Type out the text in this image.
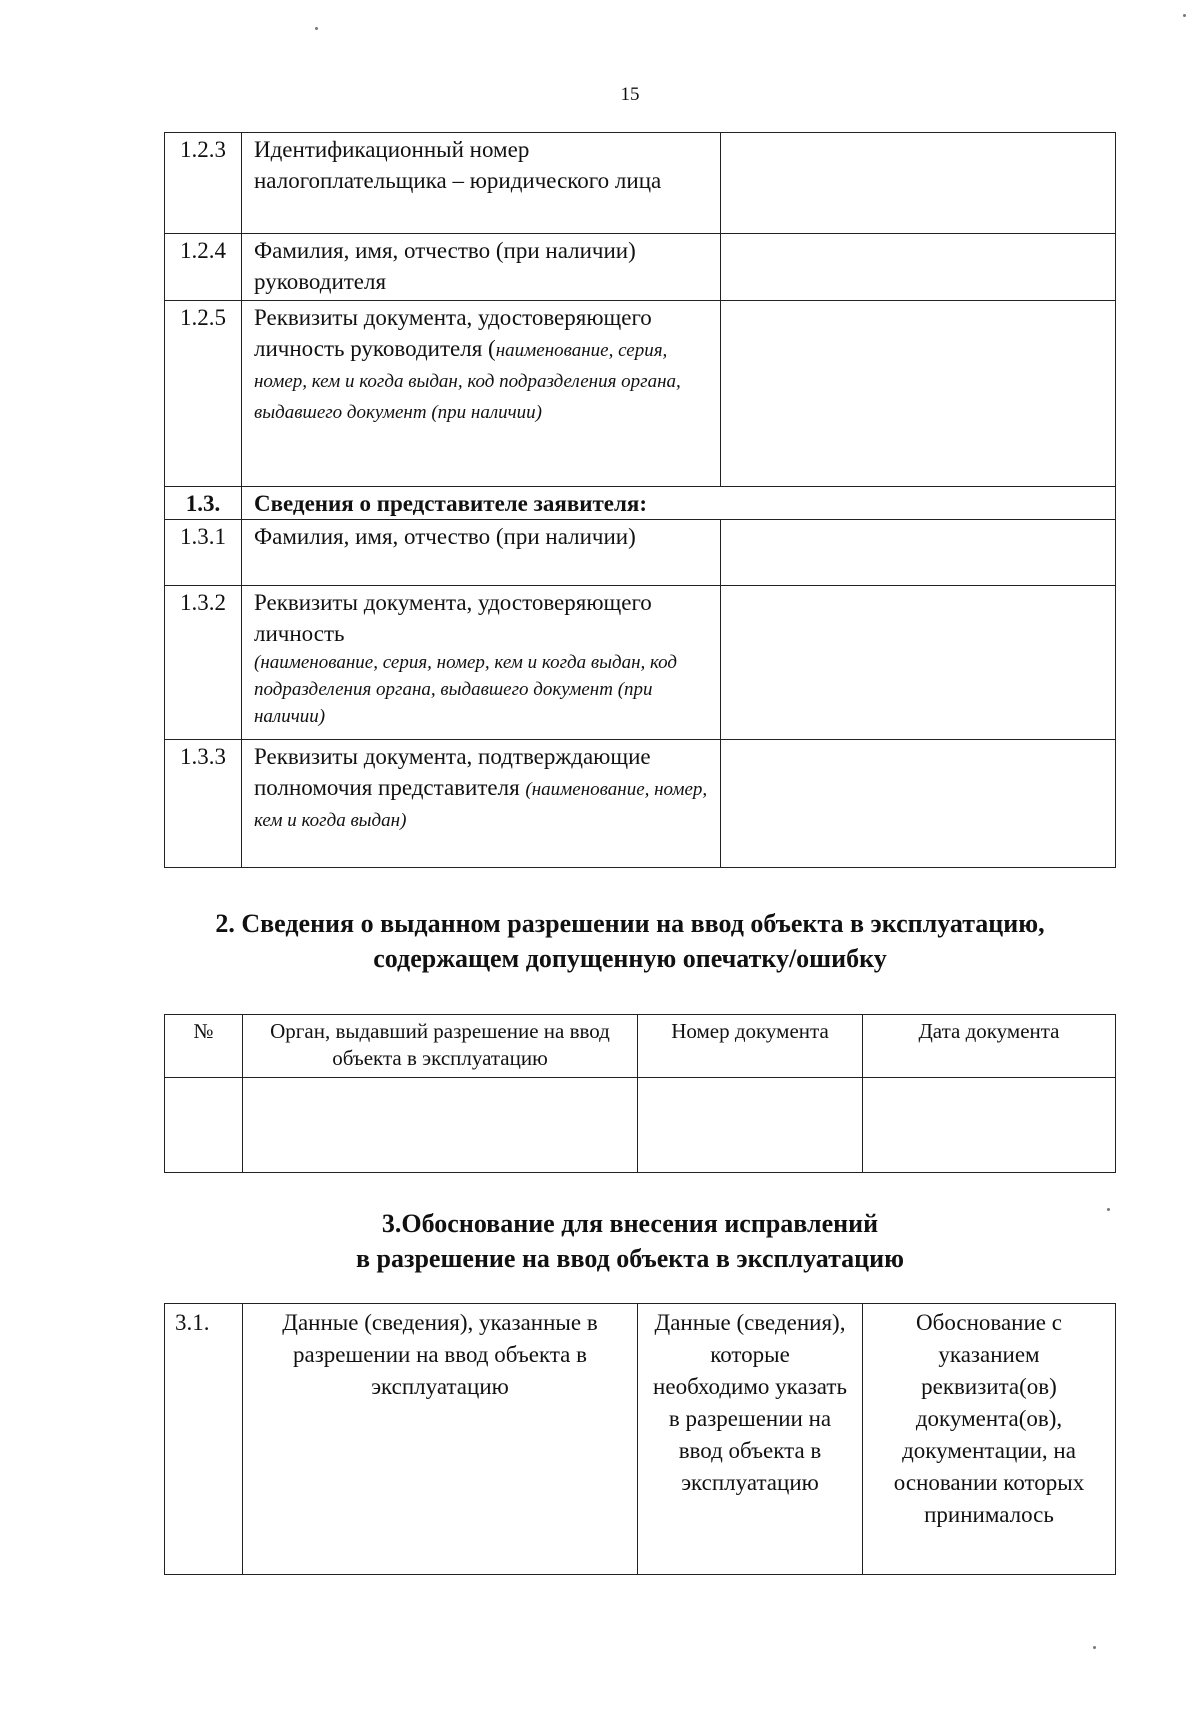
15
1.2.3	Идентификационный номер налогоплательщика – юридического лица	
1.2.4	Фамилия, имя, отчество (при наличии) руководителя	
1.2.5	Реквизиты документа, удостоверяющего личность руководителя (наименование, серия, номер, кем и когда выдан, код подразделения органа, выдавшего документ (при наличии)	
1.3.	Сведения о представителе заявителя:	
1.3.1	Фамилия, имя, отчество (при наличии)	
1.3.2	Реквизиты документа, удостоверяющего личность
(наименование, серия, номер, кем и когда выдан, код подразделения органа, выдавшего документ (при наличии)	

1.3.3	Реквизиты документа, подтверждающие полномочия представителя (наименование, номер, кем и когда выдан)	
2. Сведения о выданном разрешении на ввод объекта в эксплуатацию,
содержащем допущенную опечатку/ошибку
№	Орган, выдавший разрешение на ввод объекта в эксплуатацию	Номер документа	Дата документа

3.Обоснование для внесения исправлений
в разрешение на ввод объекта в эксплуатацию
3.1.	Данные (сведения), указанные в разрешении на ввод объекта в эксплуатацию	Данные (сведения), которые необходимо указать в разрешении на ввод объекта в эксплуатацию	Обоснование с указанием реквизита(ов) документа(ов), документации, на основании которых принималось
